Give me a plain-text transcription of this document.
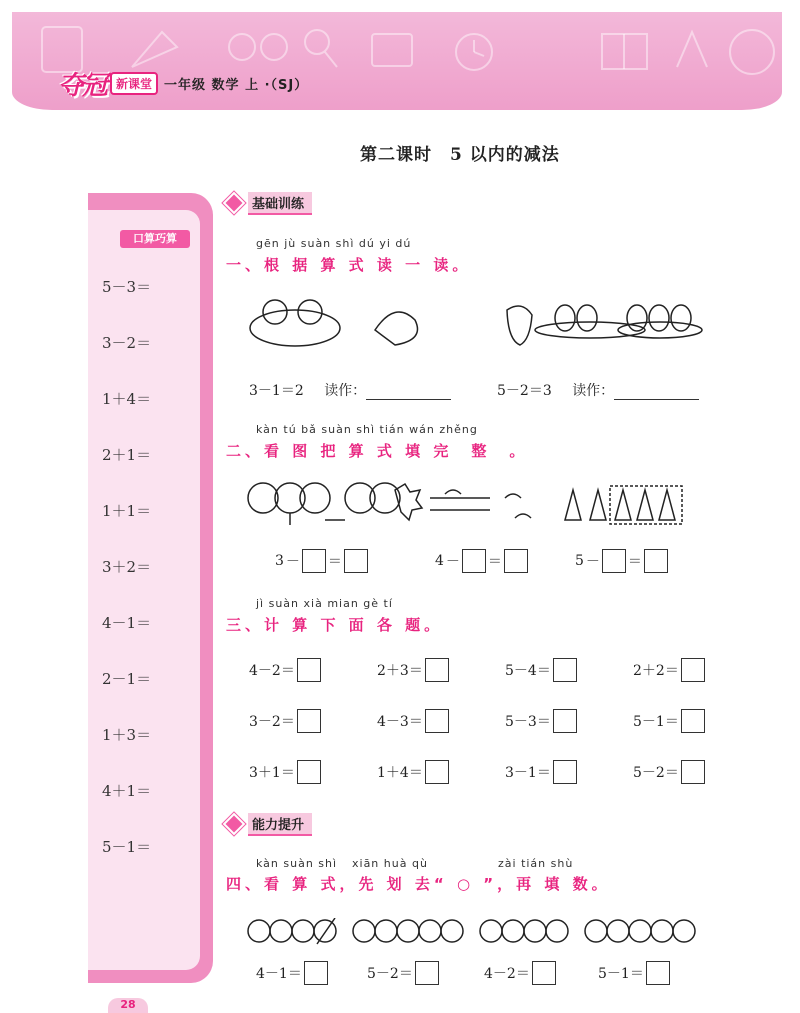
夺冠 新课堂 一年级 数学 上 ·（SJ）
第二课时　5 以内的减法
口算巧算
5－3＝
3－2＝
1＋4＝
2＋1＝
1＋1＝
3＋2＝
4－1＝
2－1＝
1＋3＝
4＋1＝
5－1＝
基础训练
gēn jù suàn shì dú yi dú
一、根 据 算 式 读 一 读。
3－1＝2 读作：	5－2＝3 读作：
kàn tú bǎ suàn shì tián wán zhěng
二、看 图 把 算 式 填 完　整　。
3 － ＝	4 － ＝	5 － ＝
jì suàn xià mian gè tí
三、计 算 下 面 各 题。
4－2＝	2＋3＝	5－4＝	2＋2＝
3－2＝	4－3＝	5－3＝	5－1＝
3＋1＝	1＋4＝	3－1＝	5－2＝
能力提升
kàn suàn shì xiān huà qù	zài tián shù
四、看 算 式，先 划 去“ ○ ”，再 填 数。
4－1＝	5－2＝	4－2＝	5－1＝
28
